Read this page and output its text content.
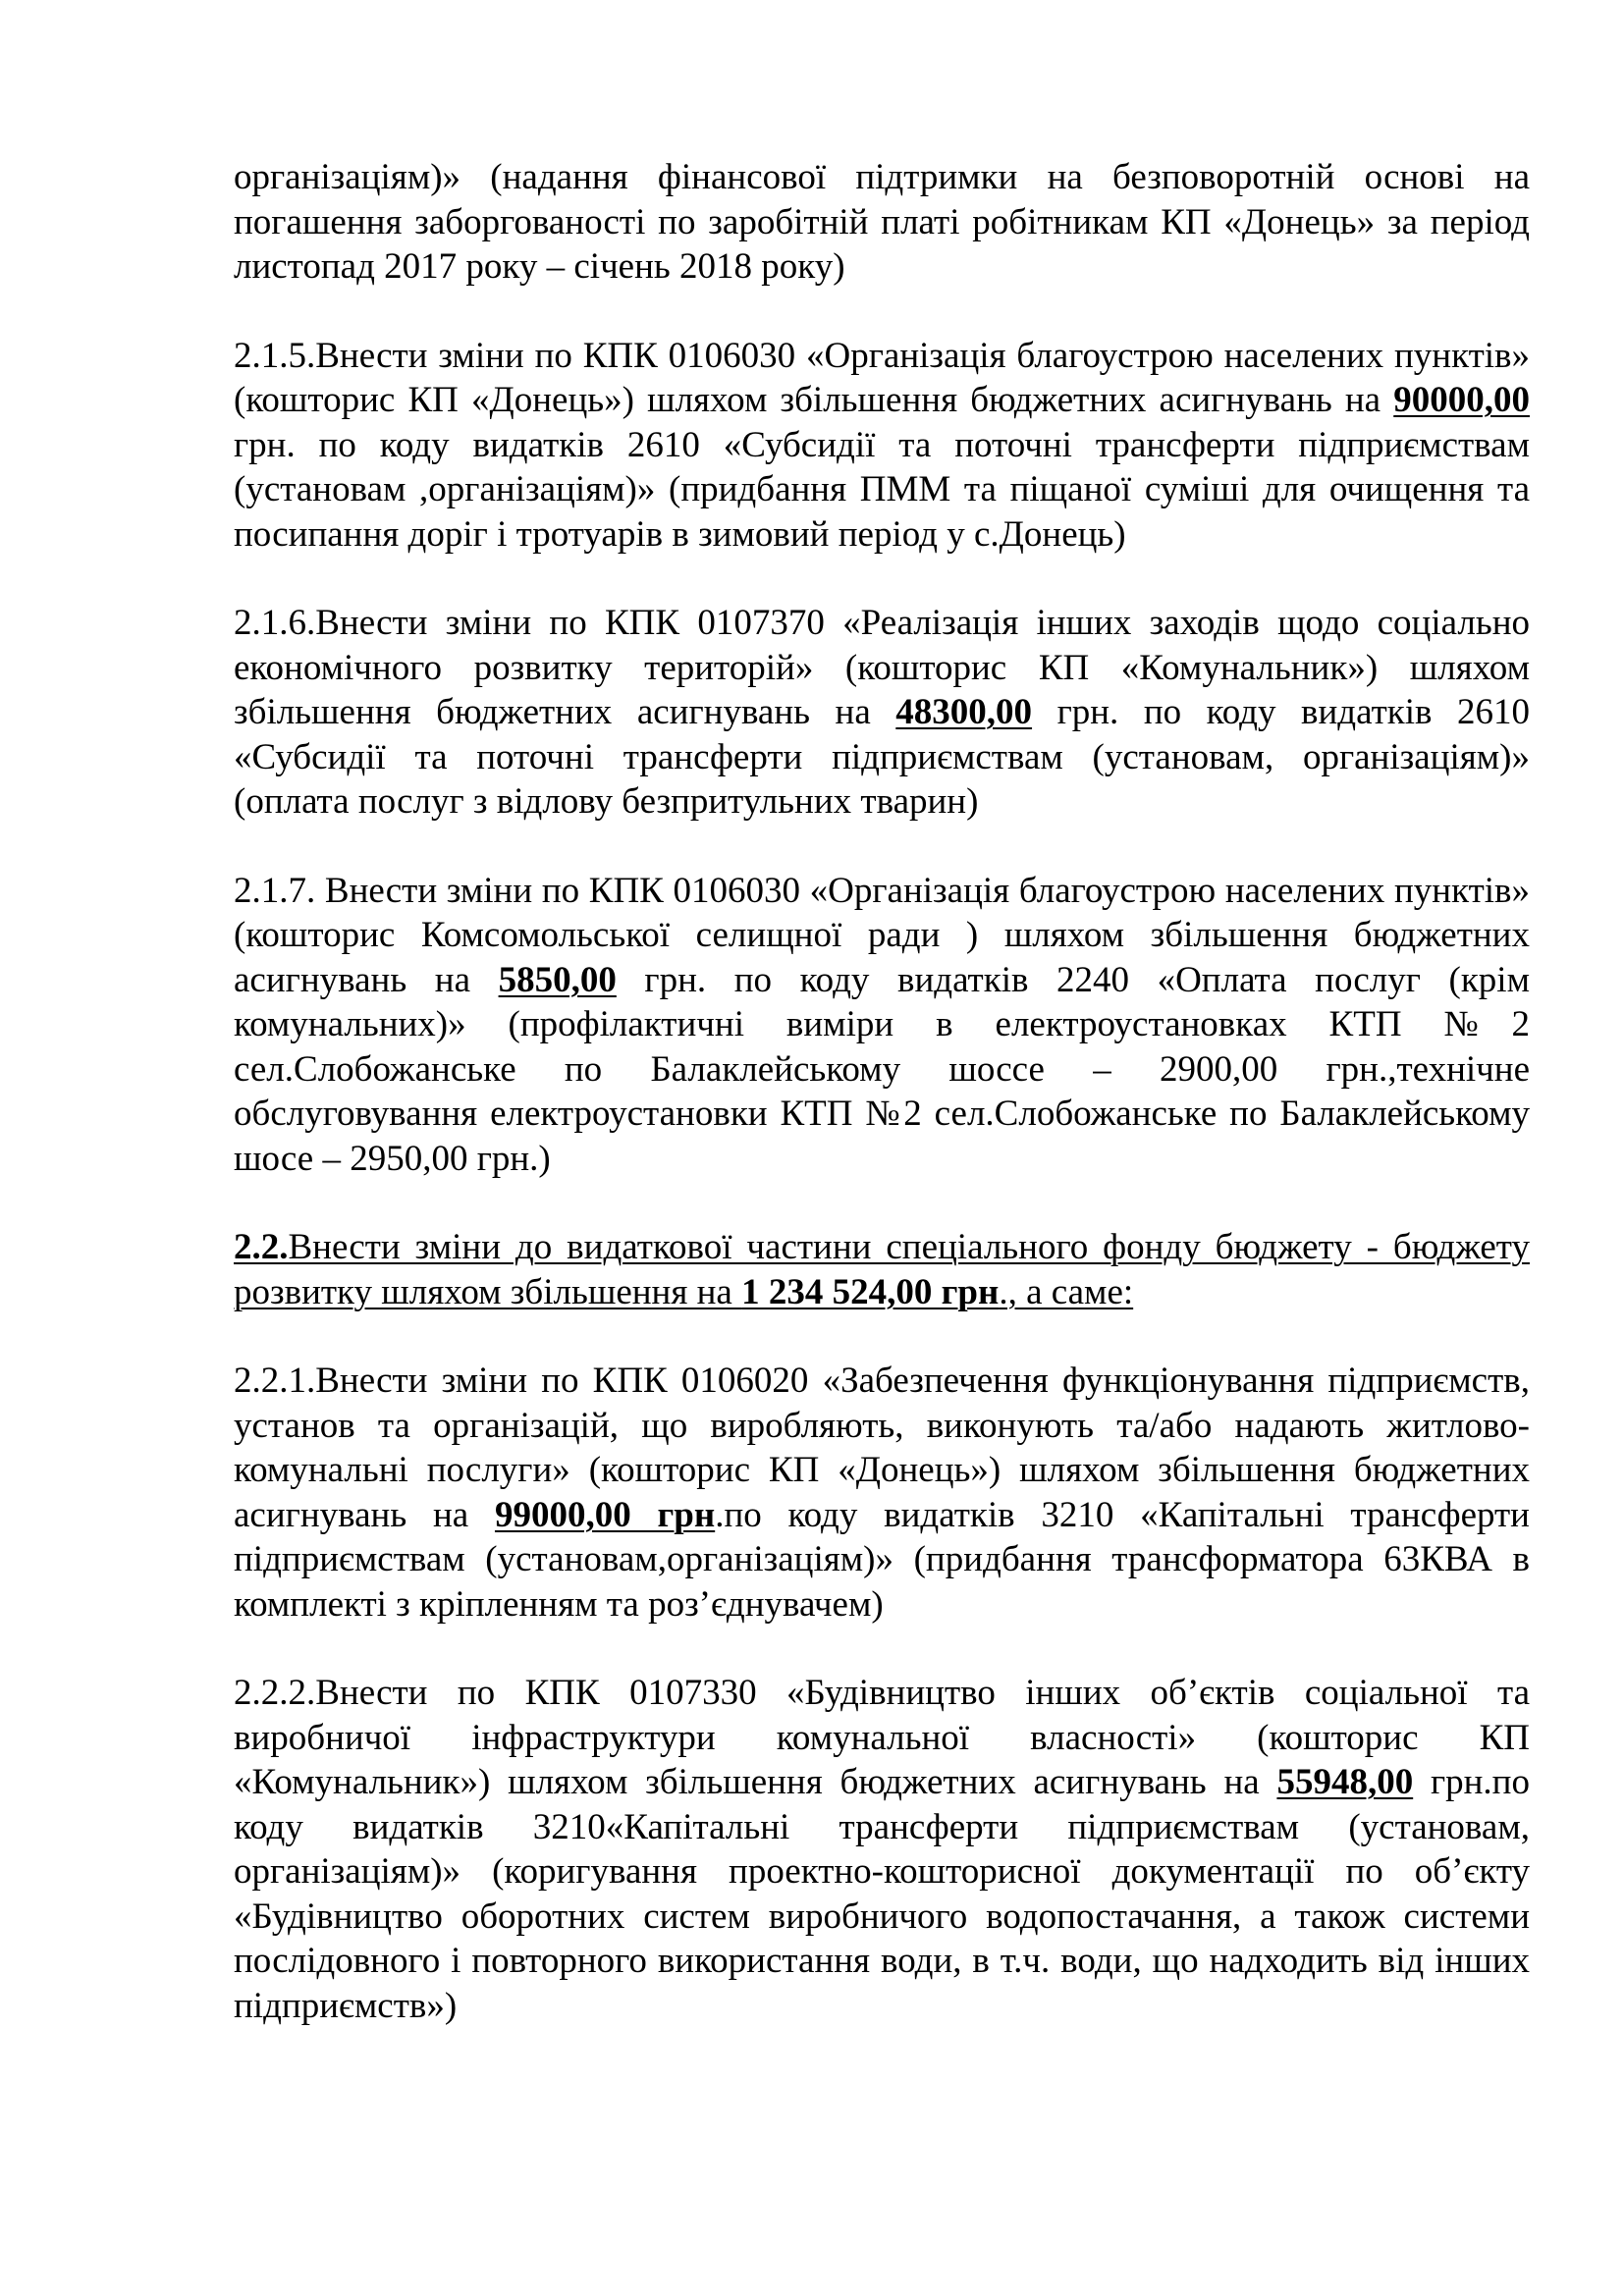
організаціям)» (надання фінансової підтримки на безповоротній основі на погашення заборгованості по заробітній платі робітникам КП «Донець» за період листопад 2017 року – січень 2018 року)

2.1.5.Внести зміни по КПК 0106030 «Організація благоустрою населених пунктів» (кошторис КП «Донець») шляхом збільшення бюджетних асигнувань на 90000,00 грн. по коду видатків 2610 «Субсидії та поточні трансферти підприємствам (установам ,організаціям)» (придбання ПММ та піщаної суміші для очищення та посипання доріг і тротуарів в зимовий період у с.Донець)

2.1.6.Внести зміни по КПК 0107370 «Реалізація інших заходів щодо соціально економічного розвитку територій» (кошторис КП «Комунальник») шляхом збільшення бюджетних асигнувань на 48300,00 грн. по коду видатків 2610 «Субсидії та поточні трансферти підприємствам (установам, організаціям)» (оплата послуг з відлову безпритульних тварин)

2.1.7. Внести зміни по КПК 0106030 «Організація благоустрою населених пунктів» (кошторис Комсомольської селищної ради ) шляхом збільшення бюджетних асигнувань на 5850,00 грн. по коду видатків 2240 «Оплата послуг (крім комунальних)» (профілактичні виміри в електроустановках КТП №2 сел.Слобожанське по Балаклейському шоссе – 2900,00 грн.,технічне обслуговування електроустановки КТП №2 сел.Слобожанське по Балаклейському шосе – 2950,00 грн.)

2.2.Внести зміни до видаткової частини спеціального фонду бюджету - бюджету розвитку шляхом збільшення на 1 234 524,00 грн., а саме:

2.2.1.Внести зміни по КПК 0106020 «Забезпечення функціонування підприємств, установ та організацій, що виробляють, виконують та/або надають житлово-комунальні послуги» (кошторис КП «Донець») шляхом збільшення бюджетних асигнувань на 99000,00 грн.по коду видатків 3210 «Капітальні трансферти підприємствам (установам,організаціям)» (придбання трансформатора 63КВА в комплекті з кріпленням та роз’єднувачем)

2.2.2.Внести по КПК 0107330 «Будівництво інших об’єктів соціальної та виробничої інфраструктури комунальної власності» (кошторис КП «Комунальник») шляхом збільшення бюджетних асигнувань на 55948,00 грн.по коду видатків 3210«Капітальні трансферти підприємствам (установам, організаціям)» (коригування проектно-кошторисної документації по об’єкту «Будівництво оборотних систем виробничого водопостачання, а також системи послідовного і повторного використання води, в т.ч. води, що надходить від інших підприємств»)
